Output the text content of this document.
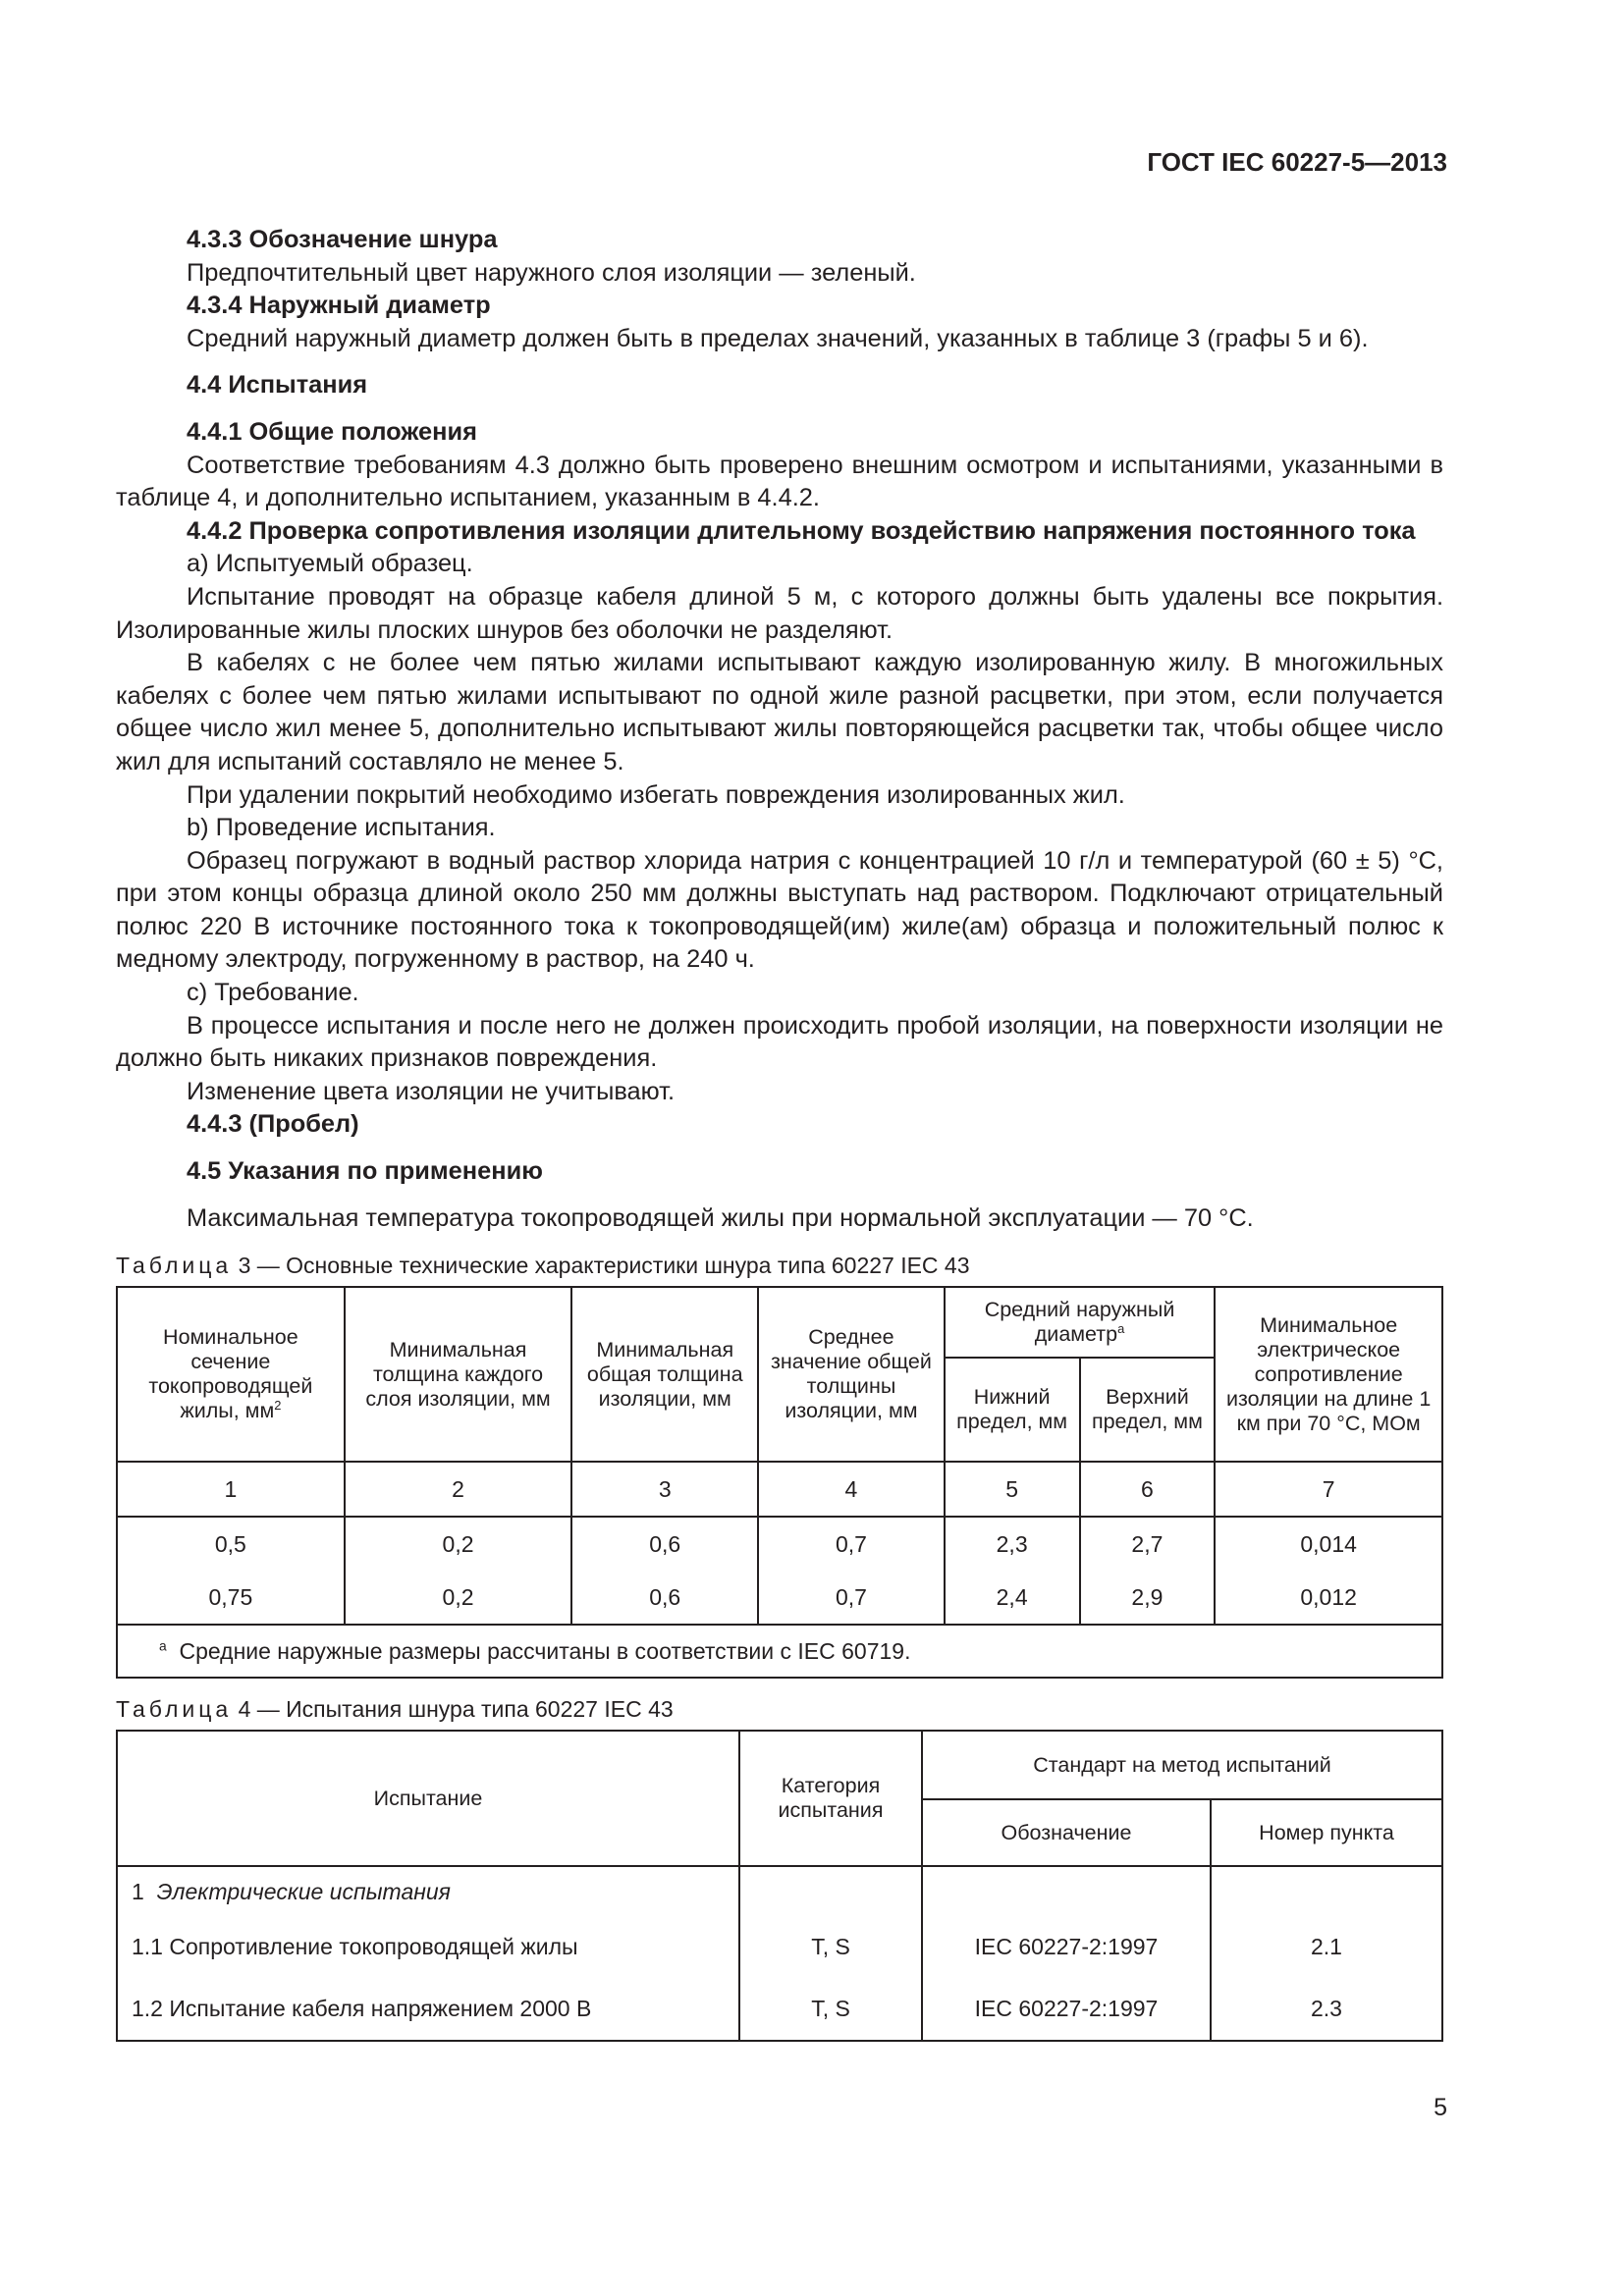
ГОСТ IEC 60227-5—2013

4.3.3 Обозначение шнура

Предпочтительный цвет наружного слоя изоляции — зеленый.

4.3.4 Наружный диаметр

Средний наружный диаметр должен быть в пределах значений, указанных в таблице 3 (графы 5 и 6).

4.4 Испытания

4.4.1 Общие положения

Соответствие требованиям 4.3 должно быть проверено внешним осмотром и испытаниями, указанными в таблице 4, и дополнительно испытанием, указанным в 4.4.2.

4.4.2 Проверка сопротивления изоляции длительному воздействию напряжения постоянного тока

a) Испытуемый образец.

Испытание проводят на образце кабеля длиной 5 м, с которого должны быть удалены все покрытия. Изолированные жилы плоских шнуров без оболочки не разделяют.

В кабелях с не более чем пятью жилами испытывают каждую изолированную жилу. В многожильных кабелях с более чем пятью жилами испытывают по одной жиле разной расцветки, при этом, если получается общее число жил менее 5, дополнительно испытывают жилы повторяющейся расцветки так, чтобы общее число жил для испытаний составляло не менее 5.

При удалении покрытий необходимо избегать повреждения изолированных жил.

b) Проведение испытания.

Образец погружают в водный раствор хлорида натрия с концентрацией 10 г/л и температурой (60 ± 5) °С, при этом концы образца длиной около 250 мм должны выступать над раствором. Подключают отрицательный полюс 220 В источнике постоянного тока к токопроводящей(им) жиле(ам) образца и положительный полюс к медному электроду, погруженному в раствор, на 240 ч.

c) Требование.

В процессе испытания и после него не должен происходить пробой изоляции, на поверхности изоляции не должно быть никаких признаков повреждения.

Изменение цвета изоляции не учитывают.

4.4.3 (Пробел)

4.5 Указания по применению

Максимальная температура токопроводящей жилы при нормальной эксплуатации — 70 °С.

Таблица 3 — Основные технические характеристики шнура типа 60227 IEC 43
Номинальное сечение токопроводящей жилы, $мм^2$	Минимальная толщина каждого слоя изоляции, мм	Минимальная общая толщина изоляции, мм	Среднее значение общей толщины изоляции, мм	Средний наружный диаметр$^a$		Минимальное электрическое сопротивление изоляции на длине 1 км при 70 °С, МОм
				Нижний предел, мм	Верхний предел, мм	
1	2	3	4	5	6	7
0,5	0,2	0,6	0,7	2,3	2,7	0,014
0,75	0,2	0,6	0,7	2,4	2,9	0,012
$^a$ Средние наружные размеры рассчитаны в соответствии с IEC 60719.						
Таблица 4 — Испытания шнура типа 60227 IEC 43
Испытание	Категория испытания	Стандарт на метод испытаний	
		Обозначение	Номер пункта
1 Электрические испытания			
1.1 Сопротивление токопроводящей жилы	T, S	IEC 60227-2:1997	2.1
1.2 Испытание кабеля напряжением 2000 В	T, S	IEC 60227-2:1997	2.3
5
